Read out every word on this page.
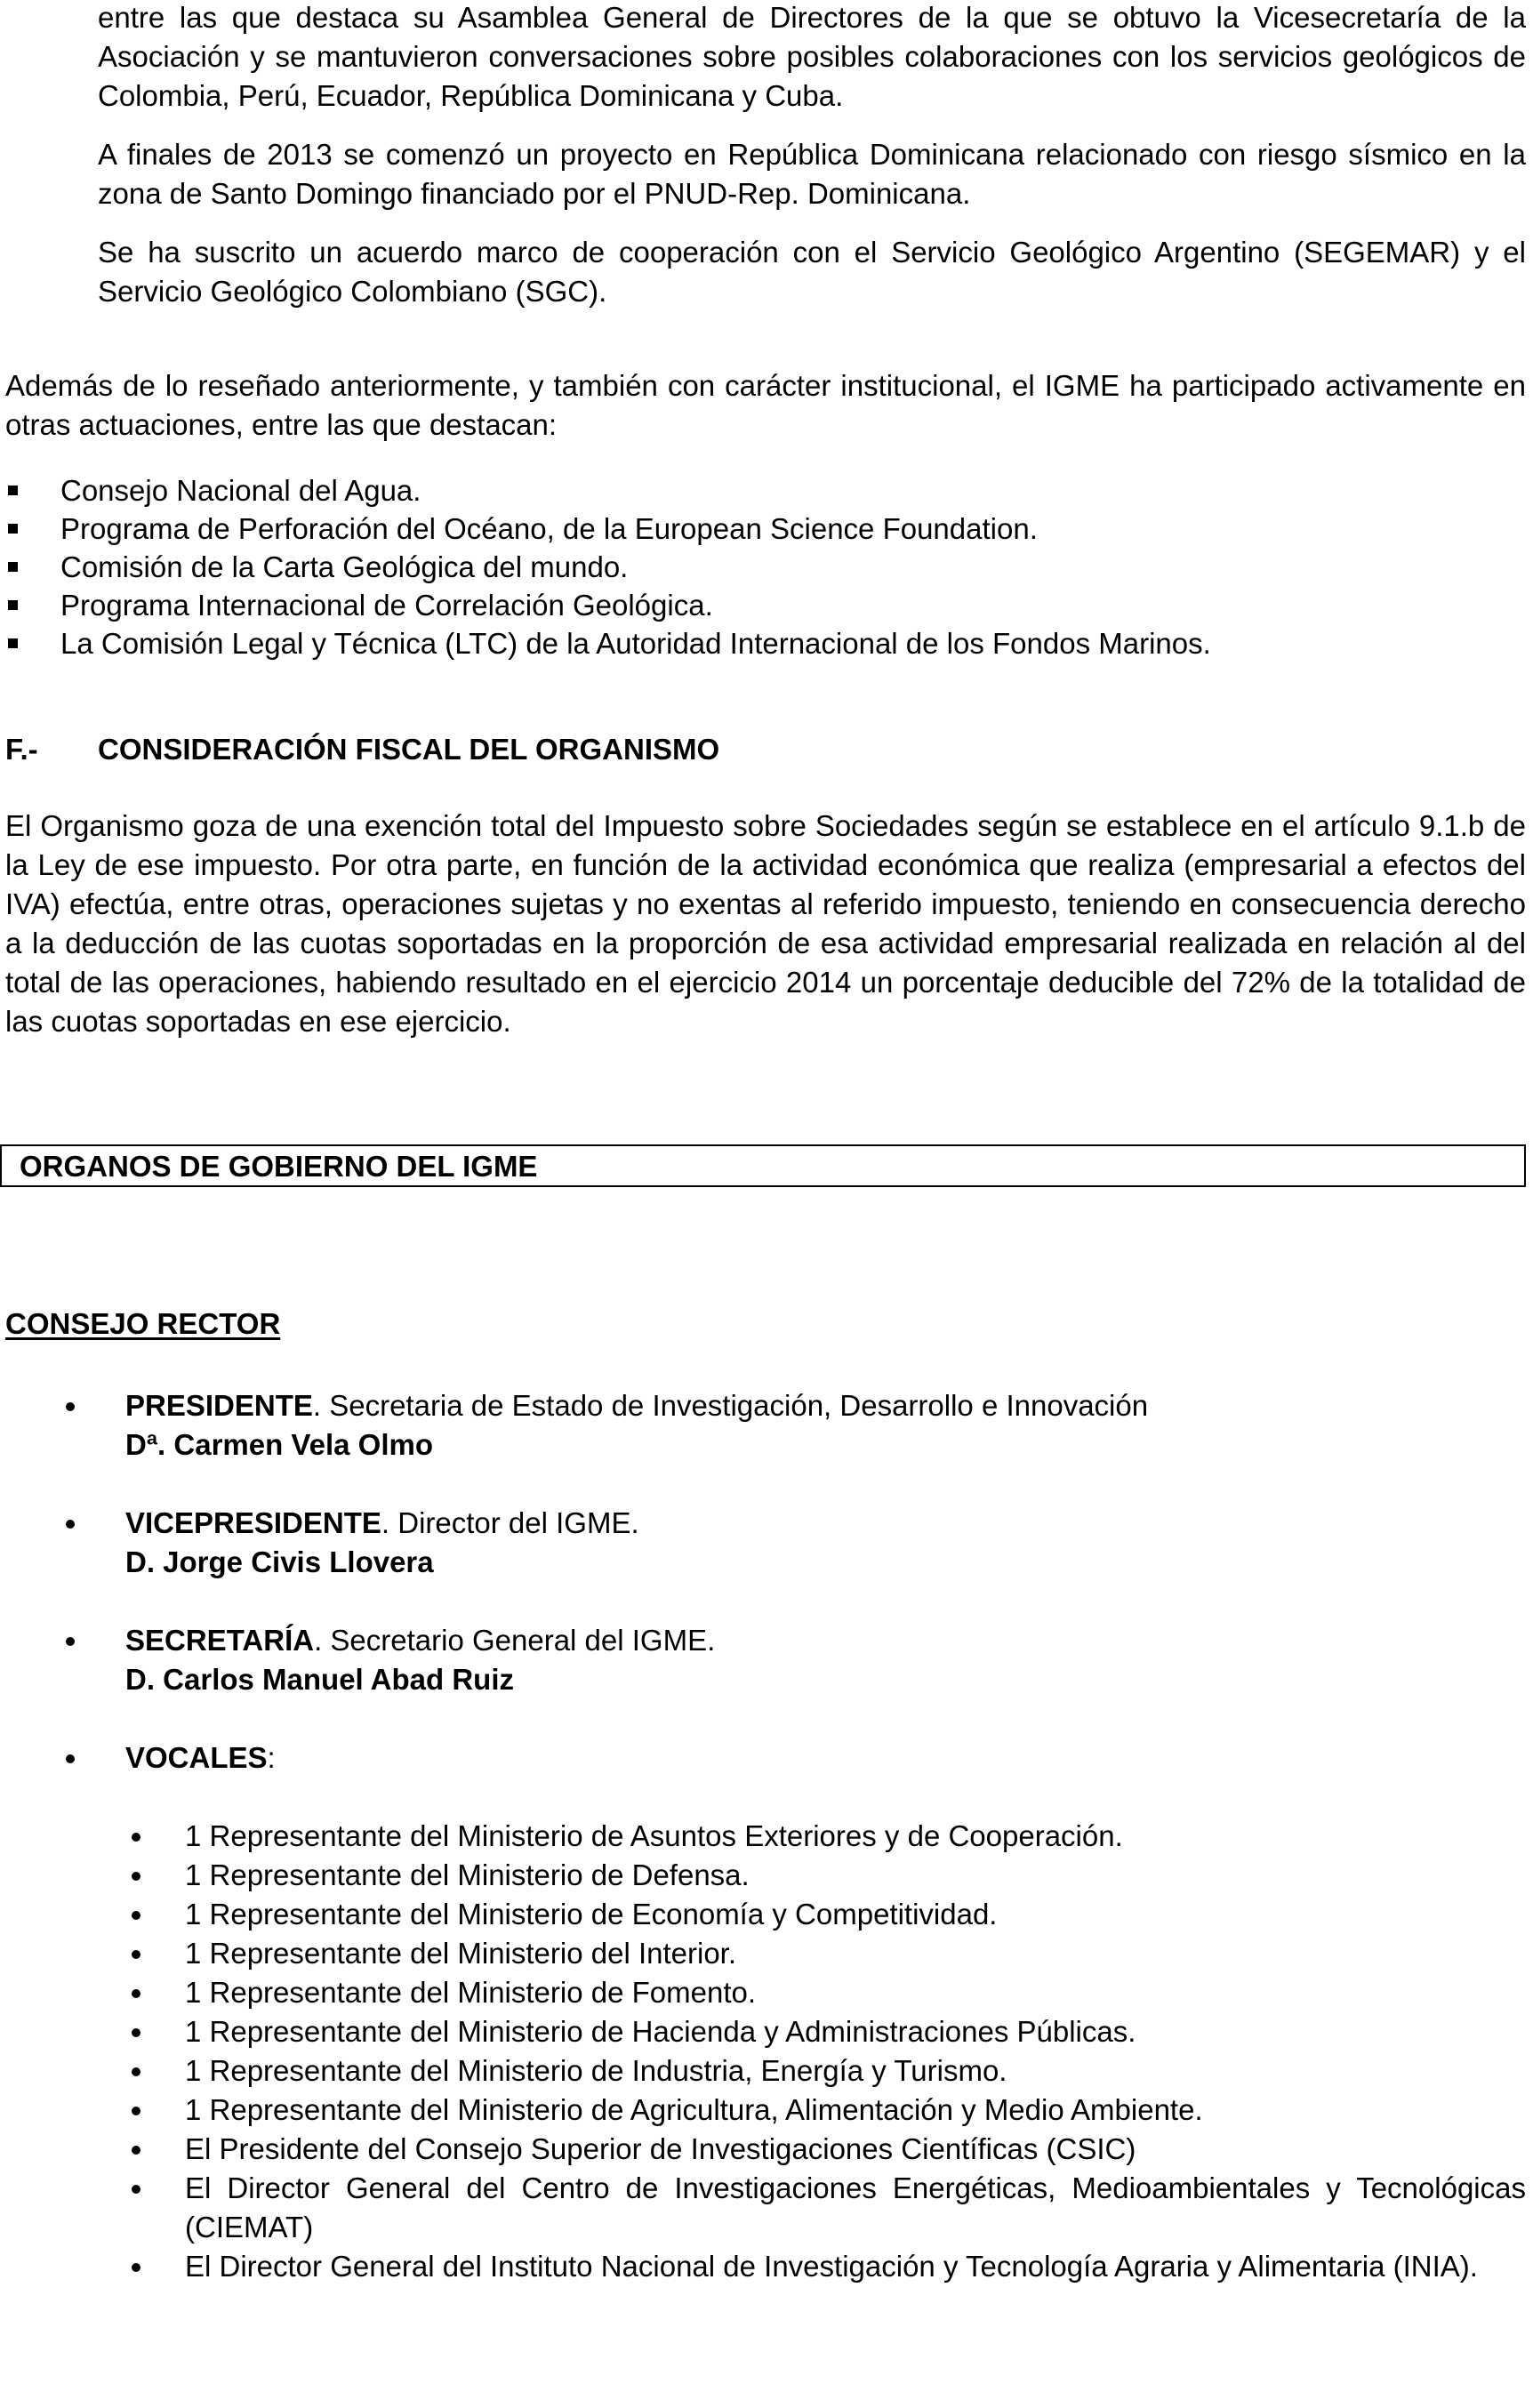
entre las que destaca su Asamblea General de Directores de la que se obtuvo la Vicesecretaría de la Asociación y se mantuvieron conversaciones sobre posibles colaboraciones con los servicios geológicos de Colombia, Perú, Ecuador, República Dominicana y Cuba.

A finales de 2013 se comenzó un proyecto en República Dominicana relacionado con riesgo sísmico en la zona de Santo Domingo financiado por el PNUD-Rep. Dominicana.

Se ha suscrito un acuerdo marco de cooperación con el Servicio Geológico Argentino (SEGEMAR) y el Servicio Geológico Colombiano (SGC).

Además de lo reseñado anteriormente, y también con carácter institucional, el IGME ha participado activamente en otras actuaciones, entre las que destacan:

Consejo Nacional del Agua.
Programa de Perforación del Océano, de la European Science Foundation.
Comisión de la Carta Geológica del mundo.
Programa Internacional de Correlación Geológica.
La Comisión Legal y Técnica (LTC) de la Autoridad Internacional de los Fondos Marinos.
F.-	CONSIDERACIÓN FISCAL DEL ORGANISMO

El Organismo goza de una exención total del Impuesto sobre Sociedades según se establece en el artículo 9.1.b de la Ley de ese impuesto. Por otra parte, en función de la actividad económica que realiza (empresarial a efectos del IVA) efectúa, entre otras, operaciones sujetas y no exentas al referido impuesto, teniendo en consecuencia derecho a la deducción de las cuotas soportadas en la proporción de esa actividad empresarial realizada en relación al del total de las operaciones, habiendo resultado en el ejercicio 2014 un porcentaje deducible del 72% de la totalidad de las cuotas soportadas en ese ejercicio.

ORGANOS DE GOBIERNO DEL IGME
CONSEJO RECTOR
PRESIDENTE. Secretaria de Estado de Investigación, Desarrollo e Innovación
Dª. Carmen Vela Olmo
VICEPRESIDENTE. Director del IGME.
D. Jorge Civis Llovera
SECRETARÍA. Secretario General del IGME.
D. Carlos Manuel Abad Ruiz
VOCALES:
1 Representante del Ministerio de Asuntos Exteriores y de Cooperación.
1 Representante del Ministerio de Defensa.
1 Representante del Ministerio de Economía y Competitividad.
1 Representante del Ministerio del Interior.
1 Representante del Ministerio de Fomento.
1 Representante del Ministerio de Hacienda y Administraciones Públicas.
1 Representante del Ministerio de Industria, Energía y Turismo.
1 Representante del Ministerio de Agricultura, Alimentación y Medio Ambiente.
El Presidente del Consejo Superior de Investigaciones Científicas (CSIC)
El Director General del Centro de Investigaciones Energéticas, Medioambientales y Tecnológicas (CIEMAT)
El Director General del Instituto Nacional de Investigación y Tecnología Agraria y Alimentaria (INIA).
